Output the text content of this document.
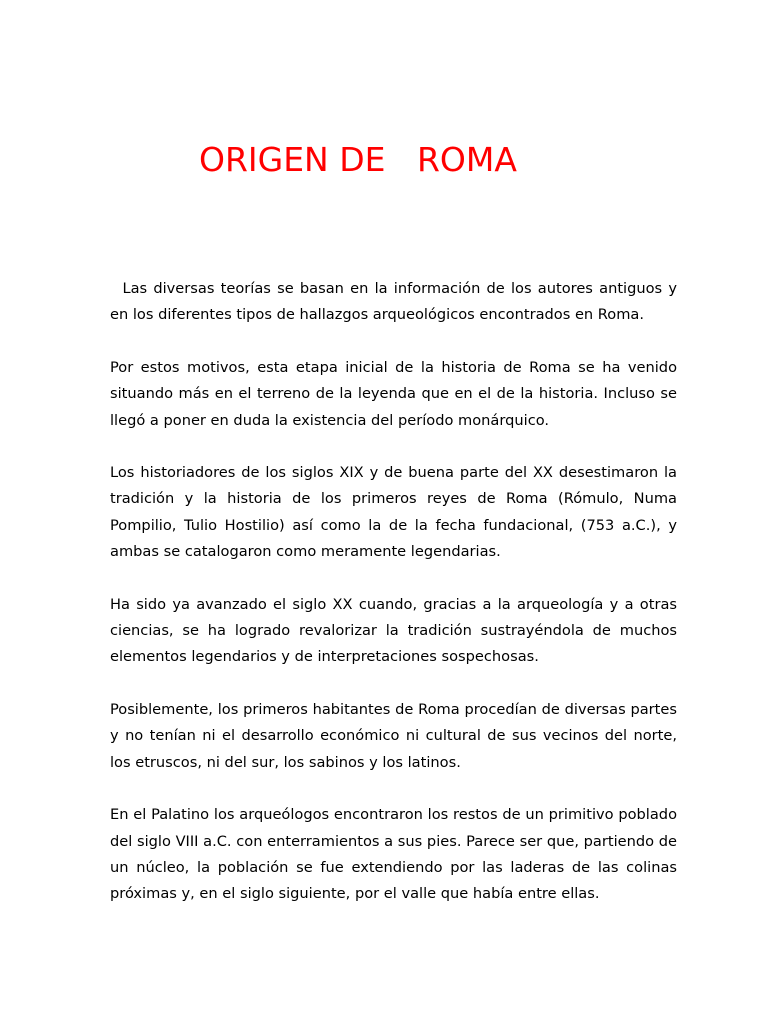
ORIGEN DE   ROMA

Las diversas teorías se basan en la información de los autores antiguos y en los diferentes tipos de hallazgos arqueológicos encontrados en Roma.

Por estos motivos, esta etapa inicial de la historia de Roma se ha venido situando más en el terreno de la leyenda que en el de la historia. Incluso se llegó a poner en duda la existencia del período monárquico.

Los historiadores de los siglos XIX y de buena parte del XX desestimaron la tradición y la historia de los primeros reyes de Roma (Rómulo, Numa Pompilio, Tulio Hostilio) así como la de la fecha fundacional, (753 a.C.), y ambas se catalogaron como meramente legendarias.

Ha sido ya avanzado el siglo XX cuando, gracias a la arqueología y a otras ciencias, se ha logrado revalorizar la tradición sustrayéndola de muchos elementos legendarios y de interpretaciones sospechosas.

Posiblemente, los primeros habitantes de Roma procedían de diversas partes y no tenían ni el desarrollo económico ni cultural de sus vecinos del norte, los etruscos, ni del sur, los sabinos y los latinos.

En el Palatino los arqueólogos encontraron los restos de un primitivo poblado del siglo VIII a.C. con enterramientos a sus pies. Parece ser que, partiendo de un núcleo, la población se fue extendiendo por las laderas de las colinas próximas y, en el siglo siguiente, por el valle que había entre ellas.
